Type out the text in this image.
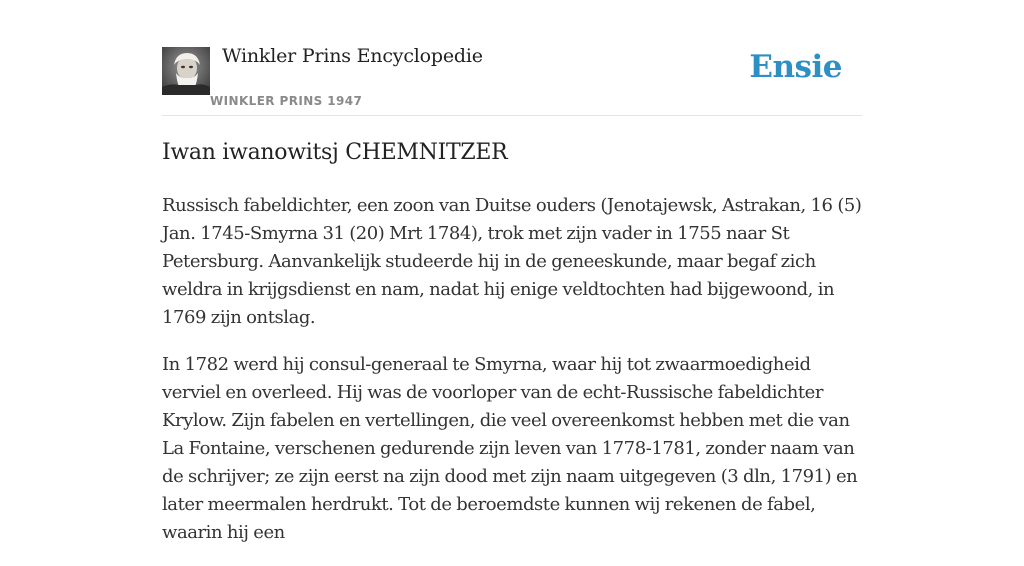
Winkler Prins Encyclopedie
WINKLER PRINS 1947
Ensie
Iwan iwanowitsj CHEMNITZER

Russisch fabeldichter, een zoon van Duitse ouders (Jenotajewsk, Astrakan, 16 (5) Jan. 1745-Smyrna 31 (20) Mrt 1784), trok met zijn vader in 1755 naar St Petersburg. Aanvankelijk studeerde hij in de geneeskunde, maar begaf zich weldra in krijgsdienst en nam, nadat hij enige veldtochten had bijgewoond, in 1769 zijn ontslag.

In 1782 werd hij consul-generaal te Smyrna, waar hij tot zwaarmoedigheid verviel en overleed. Hij was de voorloper van de echt-Russische fabeldichter Krylow. Zijn fabelen en vertellingen, die veel overeenkomst hebben met die van La Fontaine, verschenen gedurende zijn leven van 1778-1781, zonder naam van de schrijver; ze zijn eerst na zijn dood met zijn naam uitgegeven (3 dln, 1791) en later meermalen herdrukt. Tot de beroemdste kunnen wij rekenen de fabel, waarin hij een
